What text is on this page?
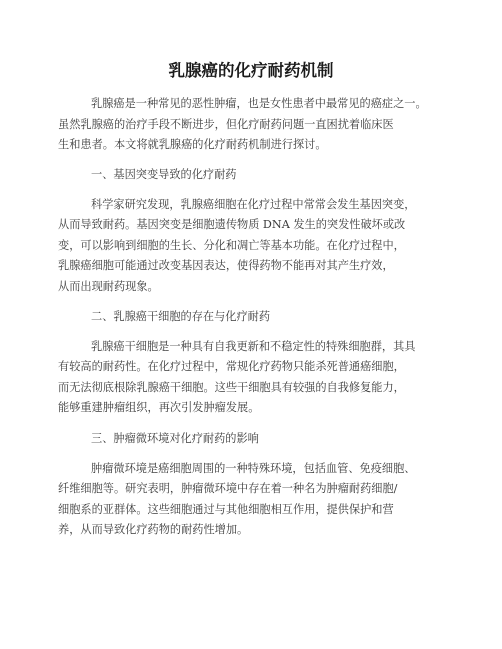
乳腺癌的化疗耐药机制
乳腺癌是一种常见的恶性肿瘤，也是女性患者中最常见的癌症之一。
虽然乳腺癌的治疗手段不断进步，但化疗耐药问题一直困扰着临床医
生和患者。本文将就乳腺癌的化疗耐药机制进行探讨。
一、基因突变导致的化疗耐药
科学家研究发现，乳腺癌细胞在化疗过程中常常会发生基因突变，
从而导致耐药。基因突变是细胞遗传物质 DNA 发生的突发性破坏或改
变，可以影响到细胞的生长、分化和凋亡等基本功能。在化疗过程中，
乳腺癌细胞可能通过改变基因表达，使得药物不能再对其产生疗效，
从而出现耐药现象。
二、乳腺癌干细胞的存在与化疗耐药
乳腺癌干细胞是一种具有自我更新和不稳定性的特殊细胞群，其具
有较高的耐药性。在化疗过程中，常规化疗药物只能杀死普通癌细胞，
而无法彻底根除乳腺癌干细胞。这些干细胞具有较强的自我修复能力，
能够重建肿瘤组织，再次引发肿瘤发展。
三、肿瘤微环境对化疗耐药的影响
肿瘤微环境是癌细胞周围的一种特殊环境，包括血管、免疫细胞、
纤维细胞等。研究表明，肿瘤微环境中存在着一种名为肿瘤耐药细胞/
细胞系的亚群体。这些细胞通过与其他细胞相互作用，提供保护和营
养，从而导致化疗药物的耐药性增加。
